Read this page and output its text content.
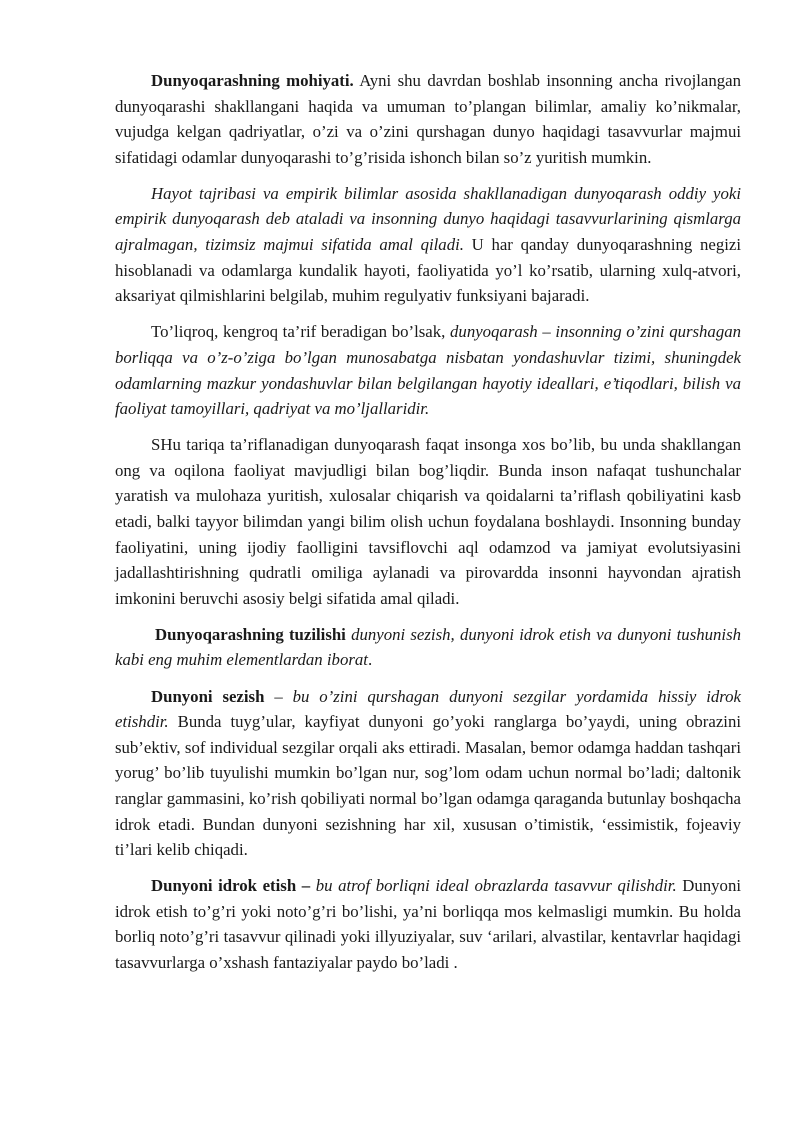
Dunyoqarashning mohiyati. Ayni shu davrdan boshlab insonning ancha rivojlangan dunyoqarashi shakllangani haqida va umuman to’plangan bilimlar, amaliy ko’nikmalar, vujudga kelgan qadriyatlar, o’zi va o’zini qurshagan dunyo haqidagi tasavvurlar majmui sifatidagi odamlar dunyoqarashi to’g’risida ishonch bilan so’z yuritish mumkin.

Hayot tajribasi va empirik bilimlar asosida shakllanadigan dunyoqarash oddiy yoki empirik dunyoqarash deb ataladi va insonning dunyo haqidagi tasavvurlarining qismlarga ajralmagan, tizimsiz majmui sifatida amal qiladi. U har qanday dunyoqarashning negizi hisoblanadi va odamlarga kundalik hayoti, faoliyatida yo’l ko’rsatib, ularning xulq-atvori, aksariyat qilmishlarini belgilab, muhim regulyativ funksiyani bajaradi.

To’liqroq, kengroq ta’rif beradigan bo’lsak, dunyoqarash – insonning o’zini qurshagan borliqqa va o’z-o’ziga bo’lgan munosabatga nisbatan yondashuvlar tizimi, shuningdek odamlarning mazkur yondashuvlar bilan belgilangan hayotiy ideallari, e’tiqodlari, bilish va faoliyat tamoyillari, qadriyat va mo’ljallaridir.

SHu tariqa ta’riflanadigan dunyoqarash faqat insonga xos bo’lib, bu unda shakllangan ong va oqilona faoliyat mavjudligi bilan bog’liqdir. Bunda inson nafaqat tushunchalar yaratish va mulohaza yuritish, xulosalar chiqarish va qoidalarni ta’riflash qobiliyatini kasb etadi, balki tayyor bilimdan yangi bilim olish uchun foydalana boshlaydi. Insonning bunday faoliyatini, uning ijodiy faolligini tavsiflovchi aql odamzod va jamiyat evolutsiyasini jadallashtirishning qudratli omiliga aylanadi va pirovardda insonni hayvondan ajratish imkonini beruvchi asosiy belgi sifatida amal qiladi.

Dunyoqarashning tuzilishi dunyoni sezish, dunyoni idrok etish va dunyoni tushunish kabi eng muhim elementlardan iborat.

Dunyoni sezish – bu o’zini qurshagan dunyoni sezgilar yordamida hissiy idrok etishdir. Bunda tuyg’ular, kayfiyat dunyoni go’yoki ranglarga bo’yaydi, uning obrazini sub’ektiv, sof individual sezgilar orqali aks ettiradi. Masalan, bemor odamga haddan tashqari yorug’ bo’lib tuyulishi mumkin bo’lgan nur, sog’lom odam uchun normal bo’ladi; daltonik ranglar gammasini, ko’rish qobiliyati normal bo’lgan odamga qaraganda butunlay boshqacha idrok etadi. Bundan dunyoni sezishning har xil, xususan o’timistik, ‘essimistik, fojeaviy ti’lari kelib chiqadi.

Dunyoni idrok etish – bu atrof borliqni ideal obrazlarda tasavvur qilishdir. Dunyoni idrok etish to’g’ri yoki noto’g’ri bo’lishi, ya’ni borliqqa mos kelmasligi mumkin. Bu holda borliq noto’g’ri tasavvur qilinadi yoki illyuziyalar, suv ‘arilari, alvastilar, kentavrlar haqidagi tasavvurlarga o’xshash fantaziyalar paydo bo’ladi .
